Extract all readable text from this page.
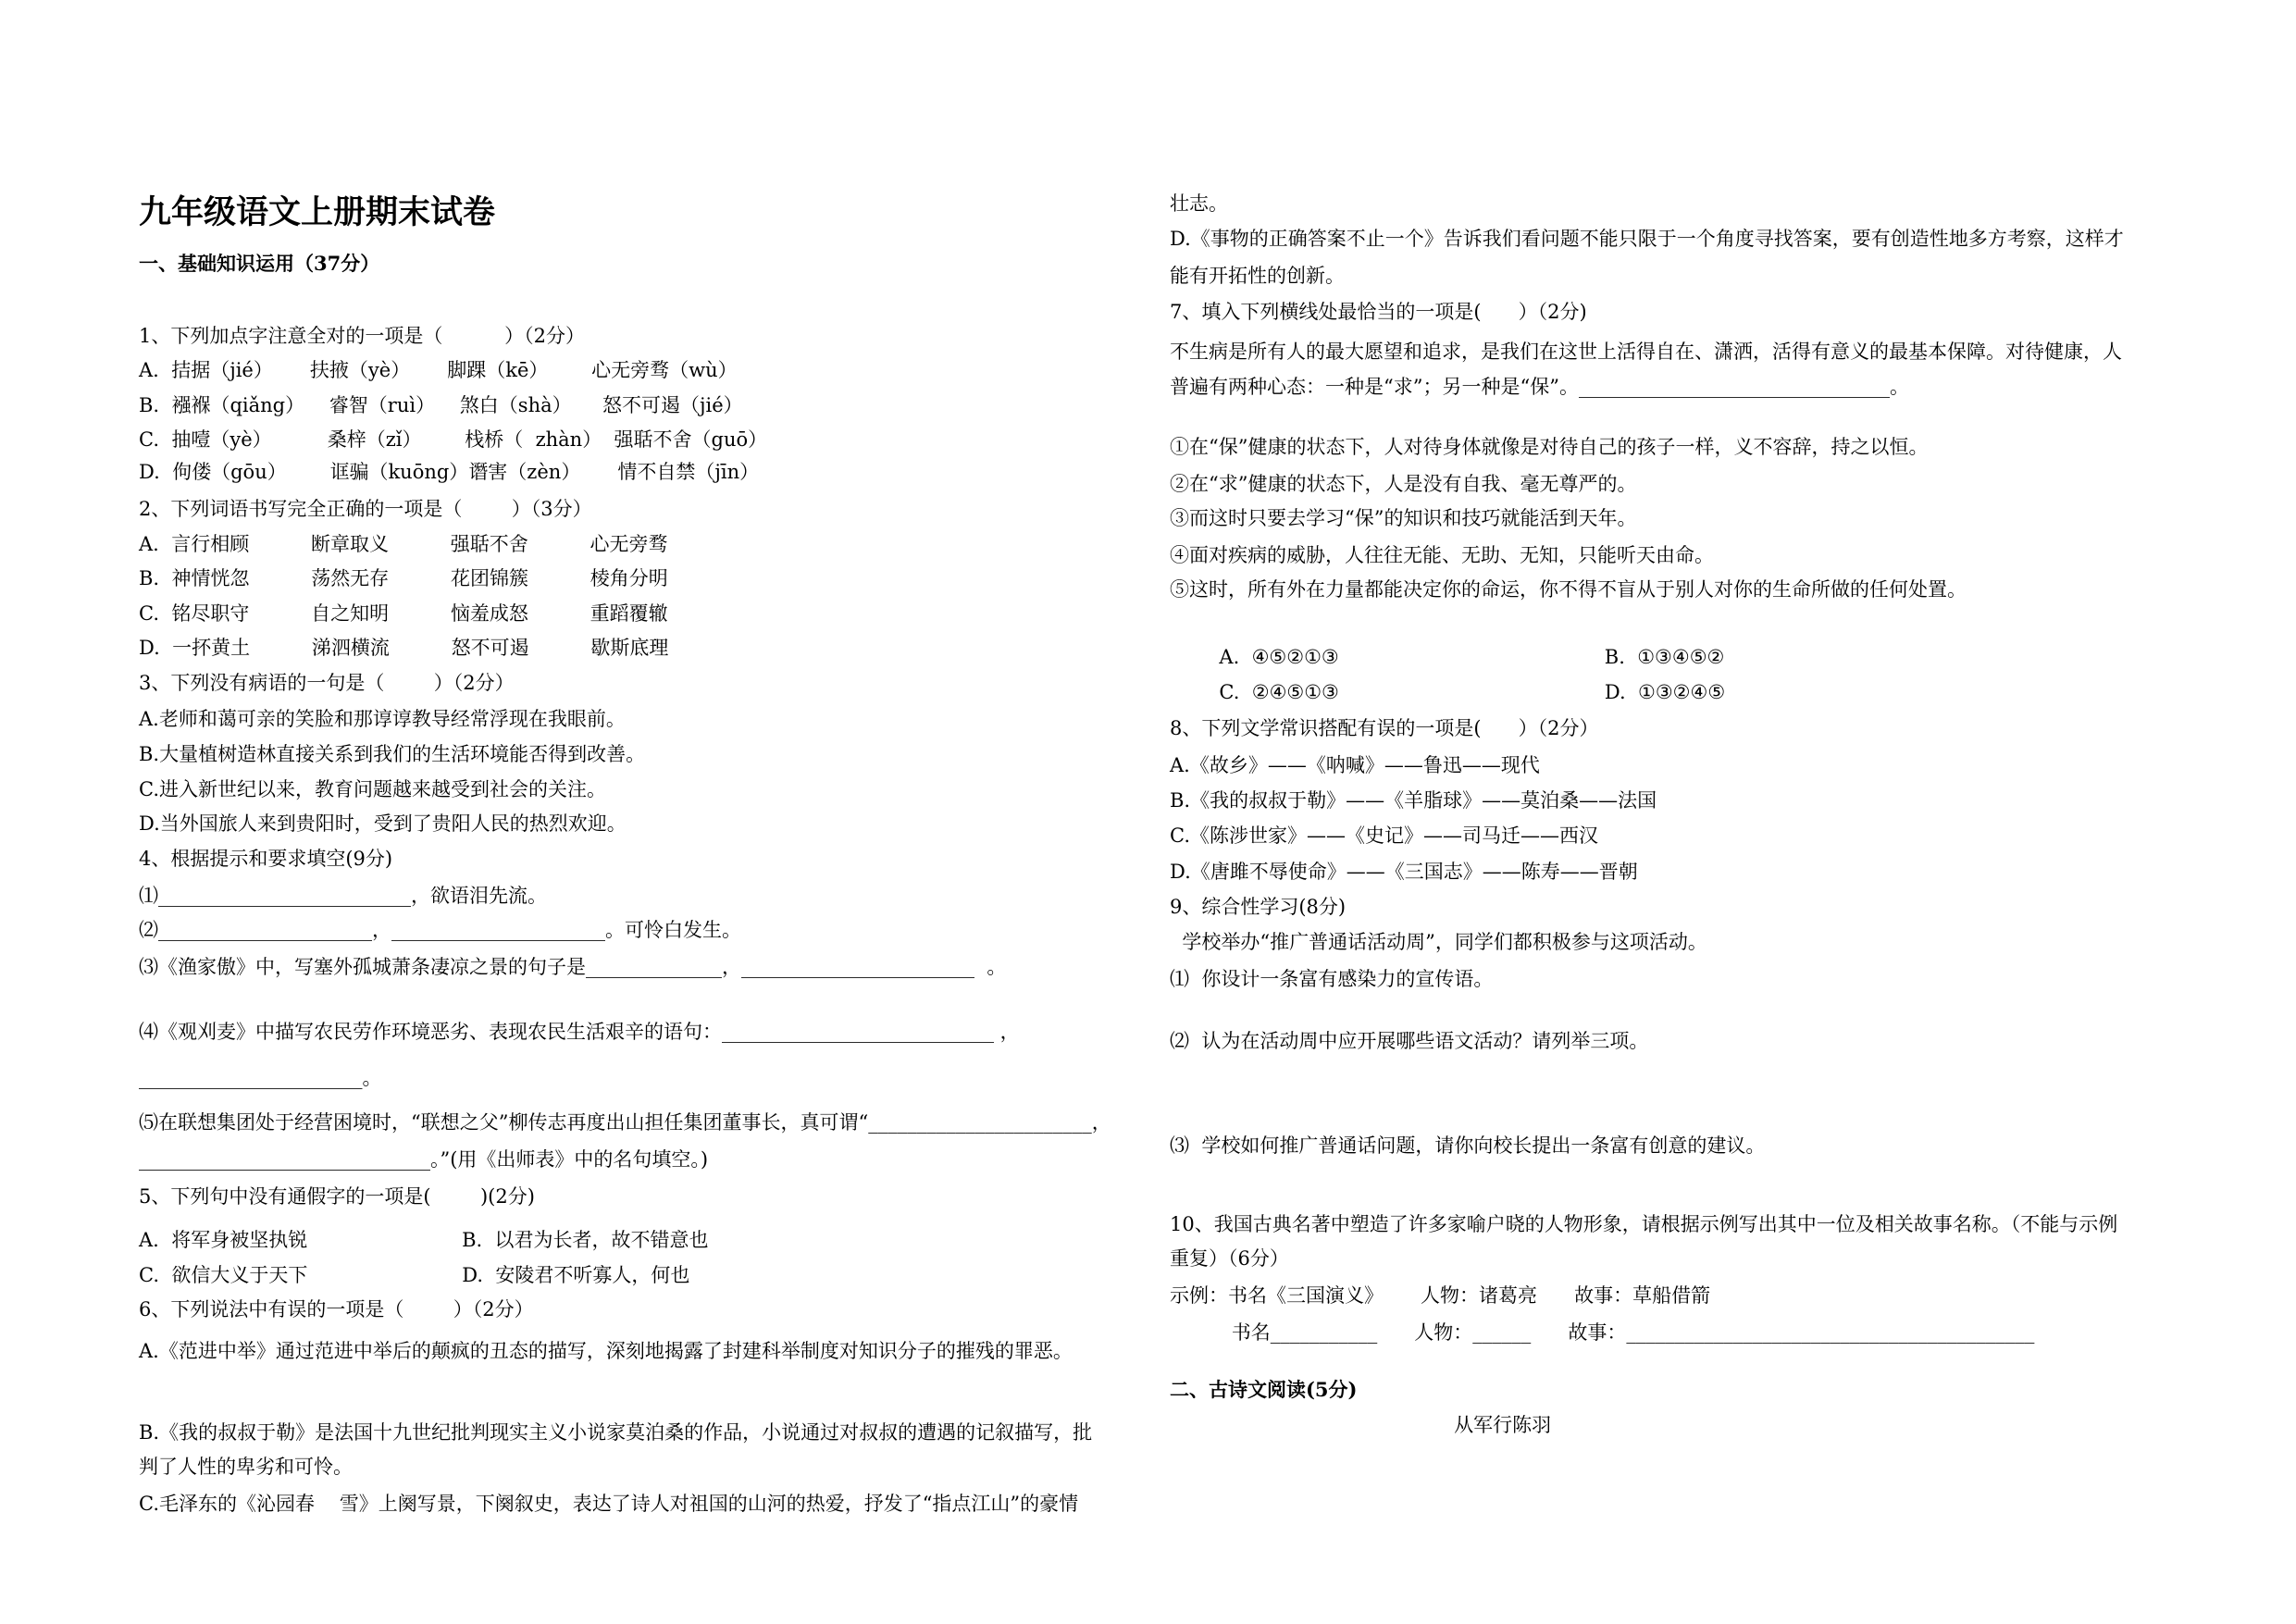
九年级语文上册期末试卷
一、基础知识运用（37分）
1、下列加点字注意全对的一项是（          ）（2分）
A.  拮据（jié）      扶掖（yè）      脚踝（kē）       心无旁骛（wù）
B.  襁褓（qiǎng）    睿智（ruì）    煞白（shà）     怒不可遏（jié）
C.  抽噎（yè）         桑梓（zǐ）       栈桥（  zhàn）  强聒不舍（guō）
D.  佝偻（gōu）       诓骗（kuōng）谮害（zèn）      情不自禁（jīn）
2、下列词语书写完全正确的一项是（        ）（3分）
A.  言行相顾          断章取义          强聒不舍          心无旁骛
B.  神情恍忽          荡然无存          花团锦簇          棱角分明
C.  铭尽职守          自之知明          恼羞成怒          重蹈覆辙
D.  一抔黄土          涕泗横流          怒不可遏          歇斯底理
3、下列没有病语的一句是（        ）（2分）
A.老师和蔼可亲的笑脸和那谆谆教导经常浮现在我眼前。
B.大量植树造林直接关系到我们的生活环境能否得到改善。
C.进入新世纪以来，教育问题越来越受到社会的关注。
D.当外国旅人来到贵阳时，受到了贵阳人民的热烈欢迎。
4、根据提示和要求填空(9分)
⑴__________________________，欲语泪先流。
⑵______________________，______________________。可怜白发生。
⑶《渔家傲》中，写塞外孤城萧条凄凉之景的句子是______________，________________________  。
⑷《观刈麦》中描写农民劳作环境恶劣、表现农民生活艰辛的语句：____________________________ ，
_______________________。
⑸在联想集团处于经营困境时，“联想之父”柳传志再度出山担任集团董事长，真可谓“_______________________，
______________________________。”(用《出师表》中的名句填空。)
5、下列句中没有通假字的一项是(        )(2分)
A.  将军身被坚执锐                         B.  以君为长者，故不错意也
C.  欲信大义于天下                         D.  安陵君不听寡人，何也
6、下列说法中有误的一项是（        ）（2分）
A.《范进中举》通过范进中举后的颠疯的丑态的描写，深刻地揭露了封建科举制度对知识分子的摧残的罪恶。
B.《我的叔叔于勒》是法国十九世纪批判现实主义小说家莫泊桑的作品，小说通过对叔叔的遭遇的记叙描写，批
判了人性的卑劣和可怜。
C.毛泽东的《沁园春    雪》上阕写景，下阕叙史，表达了诗人对祖国的山河的热爱，抒发了“指点江山”的豪情
壮志。
D.《事物的正确答案不止一个》告诉我们看问题不能只限于一个角度寻找答案，要有创造性地多方考察，这样才
能有开拓性的创新。
7、填入下列横线处最恰当的一项是(      ）（2分)
不生病是所有人的最大愿望和追求，是我们在这世上活得自在、潇洒，活得有意义的最基本保障。对待健康，人
普遍有两种心态：一种是“求”；另一种是“保”。________________________________。
①在“保”健康的状态下，人对待身体就像是对待自己的孩子一样，义不容辞，持之以恒。
②在“求”健康的状态下，人是没有自我、毫无尊严的。
③而这时只要去学习“保”的知识和技巧就能活到天年。
④面对疾病的威胁，人往往无能、无助、无知，只能听天由命。
⑤这时，所有外在力量都能决定你的命运，你不得不盲从于别人对你的生命所做的任何处置。
A.  ④⑤②①③                                           B.  ①③④⑤②
C.  ②④⑤①③                                           D.  ①③②④⑤
8、下列文学常识搭配有误的一项是(      ）（2分）
A.《故乡》——《呐喊》——鲁迅——现代
B.《我的叔叔于勒》——《羊脂球》——莫泊桑——法国
C.《陈涉世家》——《史记》——司马迁——西汉
D.《唐雎不辱使命》——《三国志》——陈寿——晋朝
9、综合性学习(8分)
学校举办“推广普通话活动周”，同学们都积极参与这项活动。
⑴  你设计一条富有感染力的宣传语。
⑵  认为在活动周中应开展哪些语文活动？请列举三项。
⑶  学校如何推广普通话问题，请你向校长提出一条富有创意的建议。
10、我国古典名著中塑造了许多家喻户晓的人物形象，请根据示例写出其中一位及相关故事名称。（不能与示例
重复）（6分）
示例：书名《三国演义》      人物：诸葛亮      故事：草船借箭
书名___________      人物：______      故事：__________________________________________
二、古诗文阅读(5分)
从军行陈羽
